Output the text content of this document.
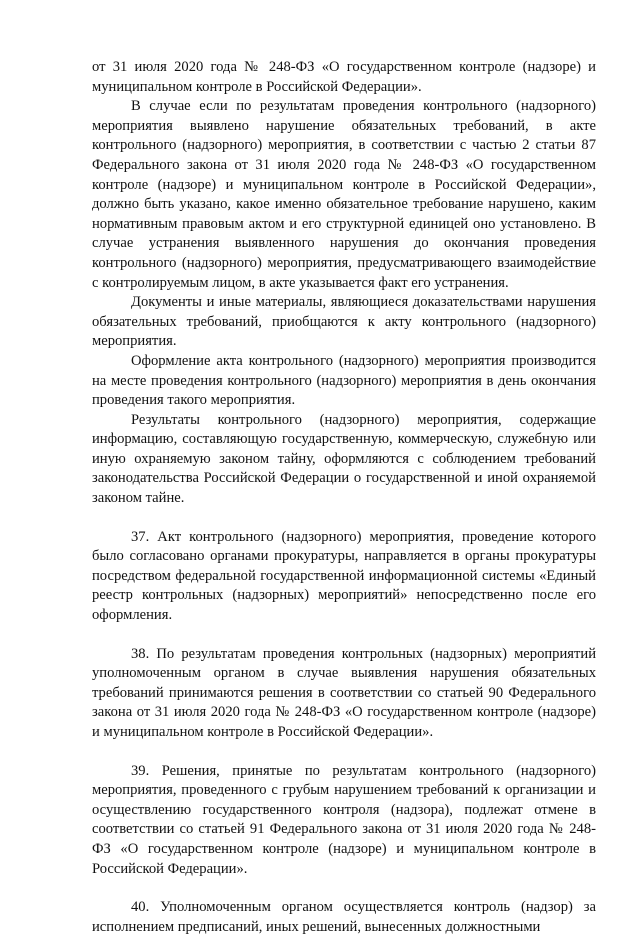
от 31 июля 2020 года № 248-ФЗ «О государственном контроле (надзоре) и муниципальном контроле в Российской Федерации».

В случае если по результатам проведения контрольного (надзорного) мероприятия выявлено нарушение обязательных требований, в акте контрольного (надзорного) мероприятия, в соответствии с частью 2 статьи 87 Федерального закона от 31 июля 2020 года № 248-ФЗ «О государственном контроле (надзоре) и муниципальном контроле в Российской Федерации», должно быть указано, какое именно обязательное требование нарушено, каким нормативным правовым актом и его структурной единицей оно установлено. В случае устранения выявленного нарушения до окончания проведения контрольного (надзорного) мероприятия, предусматривающего взаимодействие с контролируемым лицом, в акте указывается факт его устранения.

Документы и иные материалы, являющиеся доказательствами нарушения обязательных требований, приобщаются к акту контрольного (надзорного) мероприятия.

Оформление акта контрольного (надзорного) мероприятия производится на месте проведения контрольного (надзорного) мероприятия в день окончания проведения такого мероприятия.

Результаты контрольного (надзорного) мероприятия, содержащие информацию, составляющую государственную, коммерческую, служебную или иную охраняемую законом тайну, оформляются с соблюдением требований законодательства Российской Федерации о государственной и иной охраняемой законом тайне.

37. Акт контрольного (надзорного) мероприятия, проведение которого было согласовано органами прокуратуры, направляется в органы прокуратуры посредством федеральной государственной информационной системы «Единый реестр контрольных (надзорных) мероприятий» непосредственно после его оформления.

38. По результатам проведения контрольных (надзорных) мероприятий уполномоченным органом в случае выявления нарушения обязательных требований принимаются решения в соответствии со статьей 90 Федерального закона от 31 июля 2020 года № 248-ФЗ «О государственном контроле (надзоре) и муниципальном контроле в Российской Федерации».

39. Решения, принятые по результатам контрольного (надзорного) мероприятия, проведенного с грубым нарушением требований к организации и осуществлению государственного контроля (надзора), подлежат отмене в соответствии со статьей 91 Федерального закона от 31 июля 2020 года № 248-ФЗ «О государственном контроле (надзоре) и муниципальном контроле в Российской Федерации».

40. Уполномоченным органом осуществляется контроль (надзор) за исполнением предписаний, иных решений, вынесенных должностными
